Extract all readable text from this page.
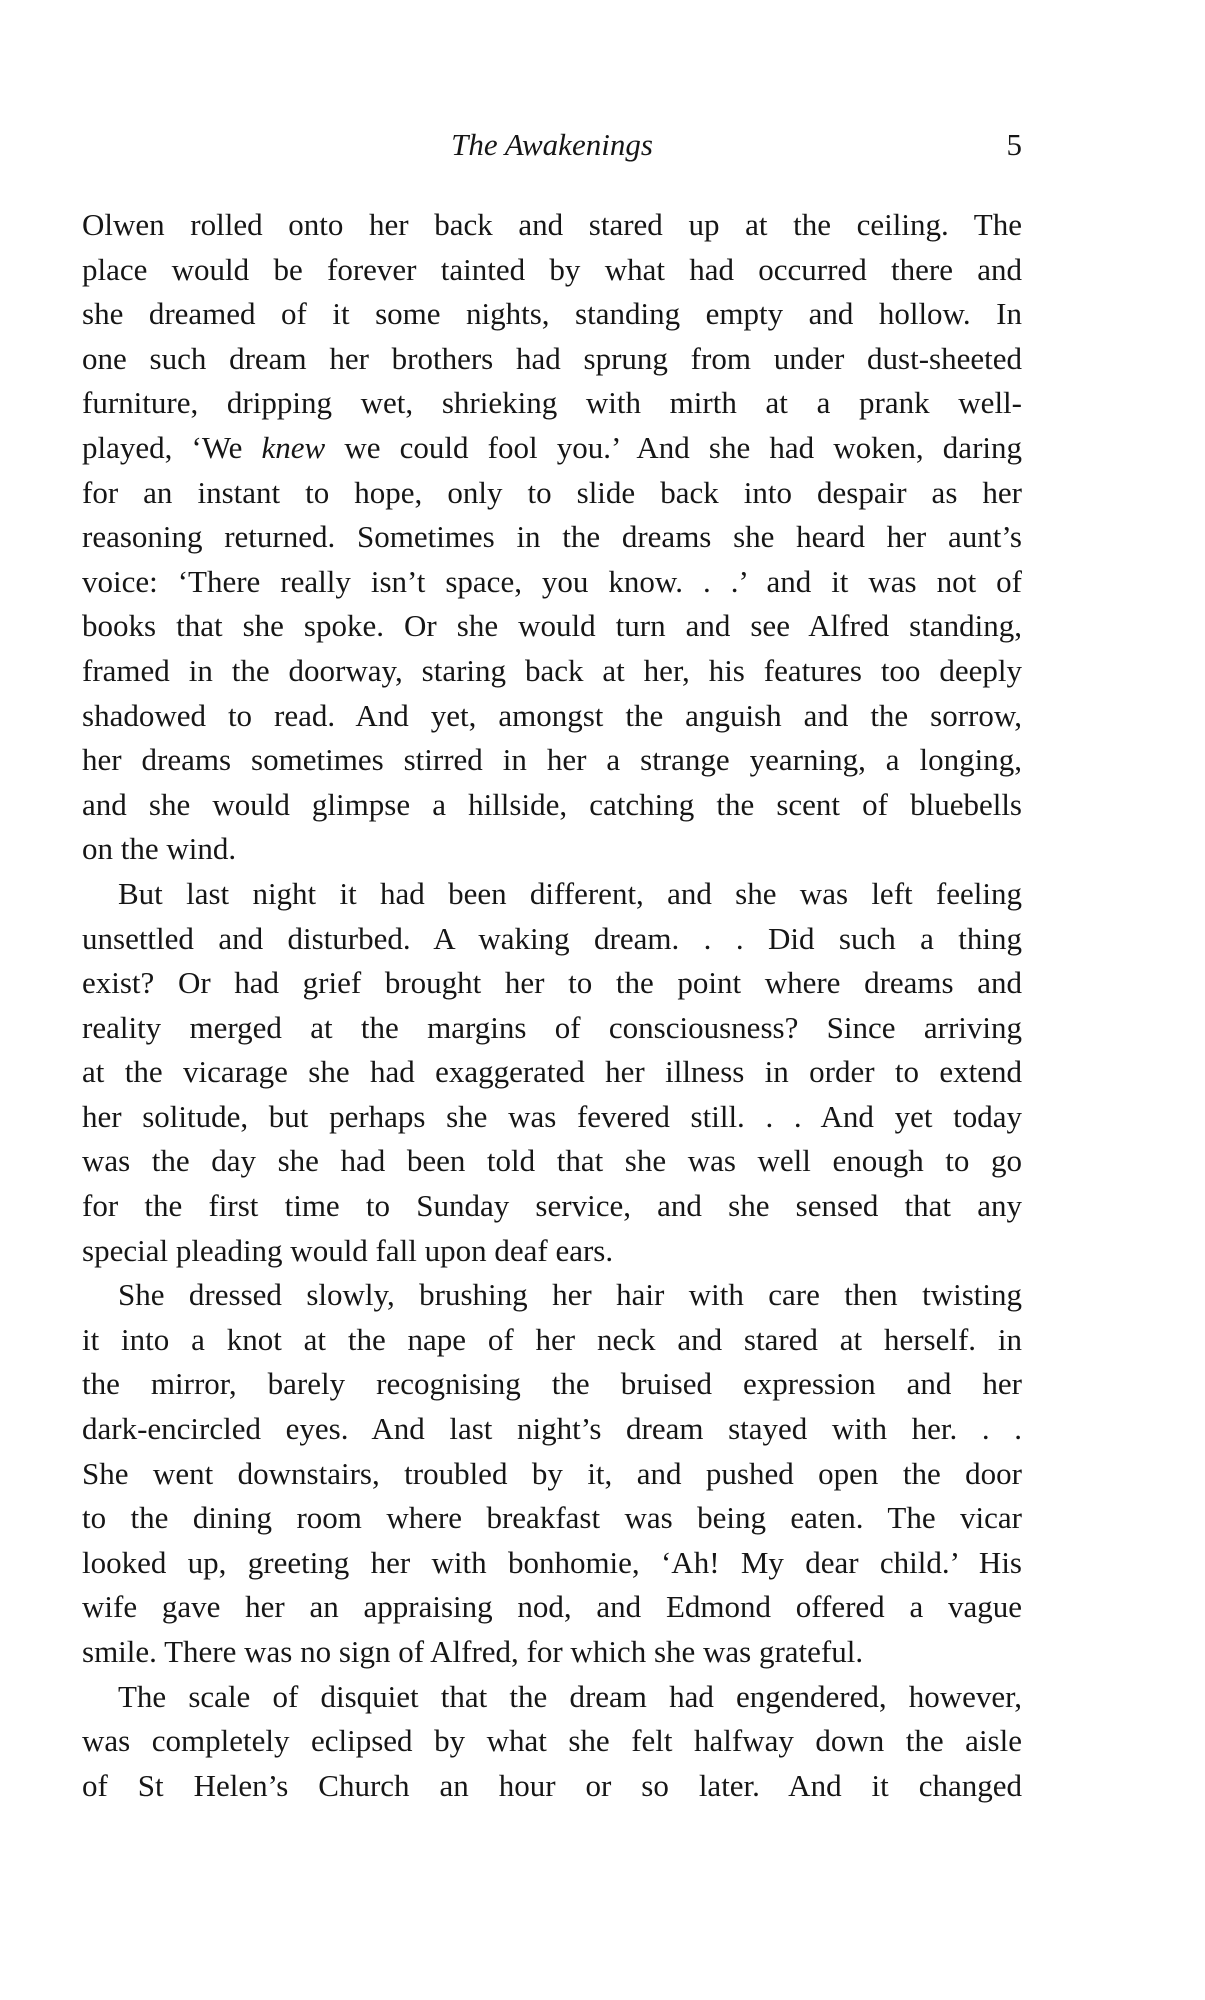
The Awakenings	5
Olwen rolled onto her back and stared up at the ceiling. The
place would be forever tainted by what had occurred there and
she dreamed of it some nights, standing empty and hollow. In
one such dream her brothers had sprung from under dust-sheeted
furniture, dripping wet, shrieking with mirth at a prank well-
played, ‘We knew we could fool you.’ And she had woken, daring
for an instant to hope, only to slide back into despair as her
reasoning returned. Sometimes in the dreams she heard her aunt’s
voice: ‘There really isn’t space, you know. . .’ and it was not of
books that she spoke. Or she would turn and see Alfred standing,
framed in the doorway, staring back at her, his features too deeply
shadowed to read. And yet, amongst the anguish and the sorrow,
her dreams sometimes stirred in her a strange yearning, a longing,
and she would glimpse a hillside, catching the scent of bluebells
on the wind.
But last night it had been different, and she was left feeling
unsettled and disturbed. A waking dream. . . Did such a thing
exist? Or had grief brought her to the point where dreams and
reality merged at the margins of consciousness? Since arriving
at the vicarage she had exaggerated her illness in order to extend
her solitude, but perhaps she was fevered still. . . And yet today
was the day she had been told that she was well enough to go
for the first time to Sunday service, and she sensed that any
special pleading would fall upon deaf ears.
She dressed slowly, brushing her hair with care then twisting
it into a knot at the nape of her neck and stared at herself. in
the mirror, barely recognising the bruised expression and her
dark-encircled eyes. And last night’s dream stayed with her. . .
She went downstairs, troubled by it, and pushed open the door
to the dining room where breakfast was being eaten. The vicar
looked up, greeting her with bonhomie, ‘Ah! My dear child.’ His
wife gave her an appraising nod, and Edmond offered a vague
smile. There was no sign of Alfred, for which she was grateful.
The scale of disquiet that the dream had engendered, however,
was completely eclipsed by what she felt halfway down the aisle
of St Helen’s Church an hour or so later. And it changed
